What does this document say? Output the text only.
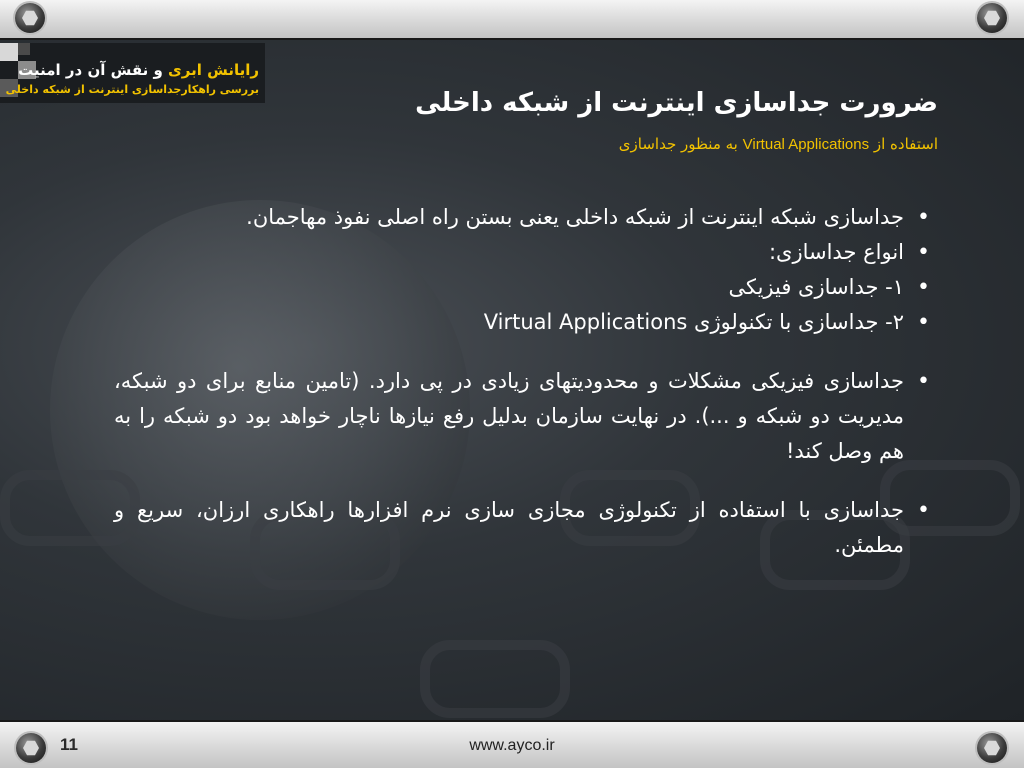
رایانش ابری و نقش آن در امنیت
بررسی راهکارجداسازی اینترنت از شبکه داخلی	ضرورت جداسازی اینترنت از شبکه داخلی
استفاده از Virtual Applications به منظور جداسازی
• جداسازی شبکه اینترنت از شبکه داخلی یعنی بستن راه اصلی نفوذ مهاجمان.
• انواع جداسازی:
• ۱- جداسازی فیزیکی
• ۲- جداسازی با تکنولوژی Virtual Applications
• جداسازی فیزیکی مشکلات و محدودیتهای زیادی در پی دارد. (تامین منابع برای دو شبکه، مدیریت دو شبکه و ...). در نهایت سازمان بدلیل رفع نیازها ناچار خواهد بود دو شبکه را به هم وصل کند!
• جداسازی با استفاده از تکنولوژی مجازی سازی نرم افزارها راهکاری ارزان، سریع و مطمئن.
11	www.ayco.ir
